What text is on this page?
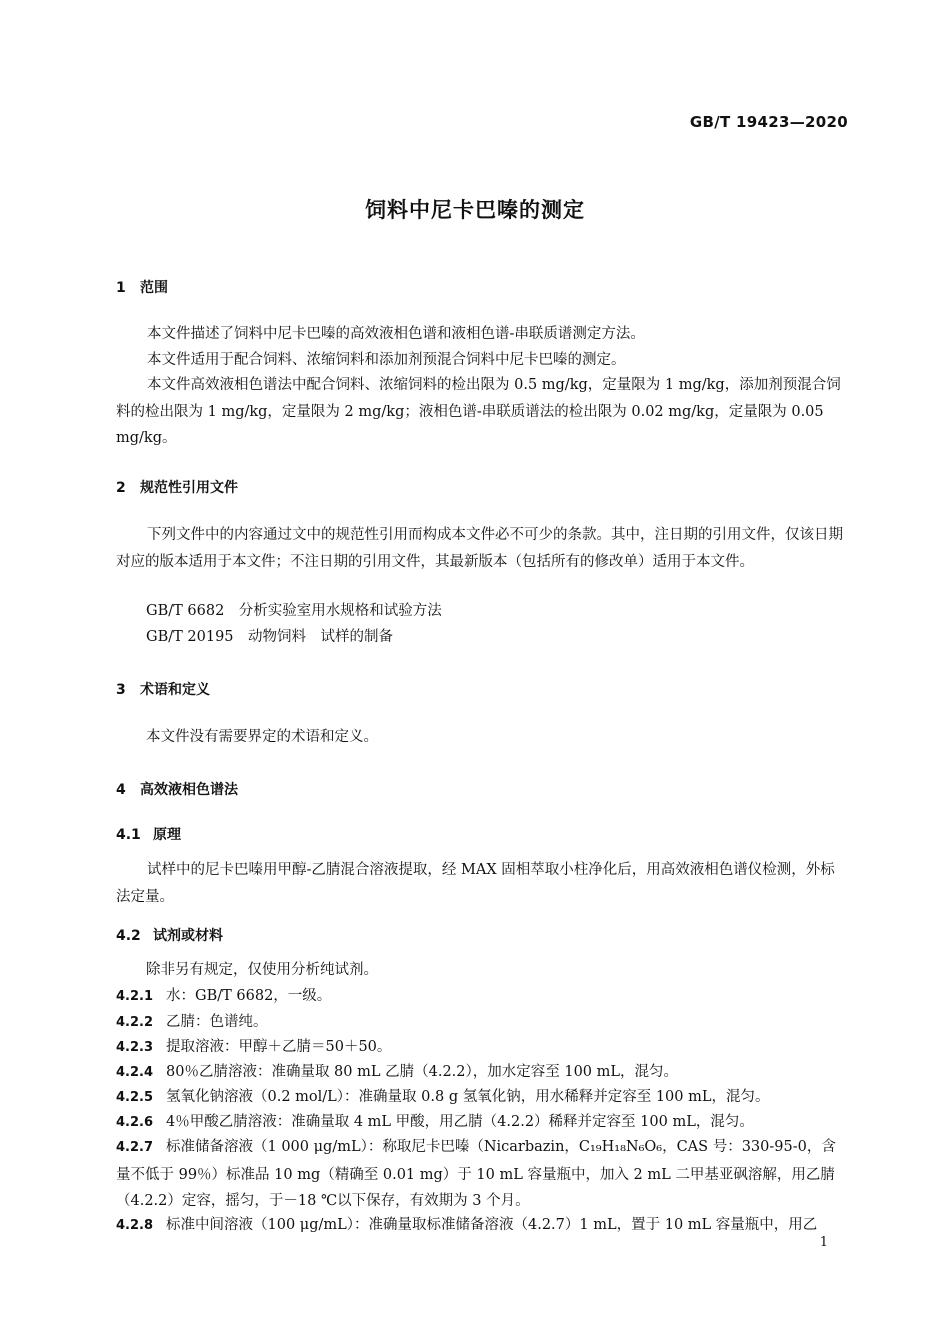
GB/T 19423—2020
饲料中尼卡巴嗪的测定
1 范围
本文件描述了饲料中尼卡巴嗪的高效液相色谱和液相色谱-串联质谱测定方法。
本文件适用于配合饲料、浓缩饲料和添加剂预混合饲料中尼卡巴嗪的测定。
本文件高效液相色谱法中配合饲料、浓缩饲料的检出限为 0.5 mg/kg，定量限为 1 mg/kg，添加剂预混合饲料的检出限为 1 mg/kg，定量限为 2 mg/kg；液相色谱-串联质谱法的检出限为 0.02 mg/kg，定量限为 0.05 mg/kg。
2 规范性引用文件
下列文件中的内容通过文中的规范性引用而构成本文件必不可少的条款。其中，注日期的引用文件，仅该日期对应的版本适用于本文件；不注日期的引用文件，其最新版本（包括所有的修改单）适用于本文件。
GB/T 6682　分析实验室用水规格和试验方法
GB/T 20195　动物饲料　试样的制备
3 术语和定义
本文件没有需要界定的术语和定义。
4 高效液相色谱法
4.1 原理
试样中的尼卡巴嗪用甲醇-乙腈混合溶液提取，经 MAX 固相萃取小柱净化后，用高效液相色谱仪检测，外标法定量。
4.2 试剂或材料
除非另有规定，仅使用分析纯试剂。
4.2.1 水：GB/T 6682，一级。
4.2.2 乙腈：色谱纯。
4.2.3 提取溶液：甲醇＋乙腈＝50＋50。
4.2.4 80％乙腈溶液：准确量取 80 mL 乙腈（4.2.2），加水定容至 100 mL，混匀。
4.2.5 氢氧化钠溶液（0.2 mol/L）：准确量取 0.8 g 氢氧化钠，用水稀释并定容至 100 mL，混匀。
4.2.6 4％甲酸乙腈溶液：准确量取 4 mL 甲酸，用乙腈（4.2.2）稀释并定容至 100 mL，混匀。
4.2.7 标准储备溶液（1 000 μg/mL）：称取尼卡巴嗪（Nicarbazin，C₁₉H₁₈N₆O₆，CAS 号：330-95-0，含量不低于 99％）标准品 10 mg（精确至 0.01 mg）于 10 mL 容量瓶中，加入 2 mL 二甲基亚砜溶解，用乙腈（4.2.2）定容，摇匀，于－18 ℃以下保存，有效期为 3 个月。
4.2.8 标准中间溶液（100 μg/mL）：准确量取标准储备溶液（4.2.7）1 mL，置于 10 mL 容量瓶中，用乙
1
